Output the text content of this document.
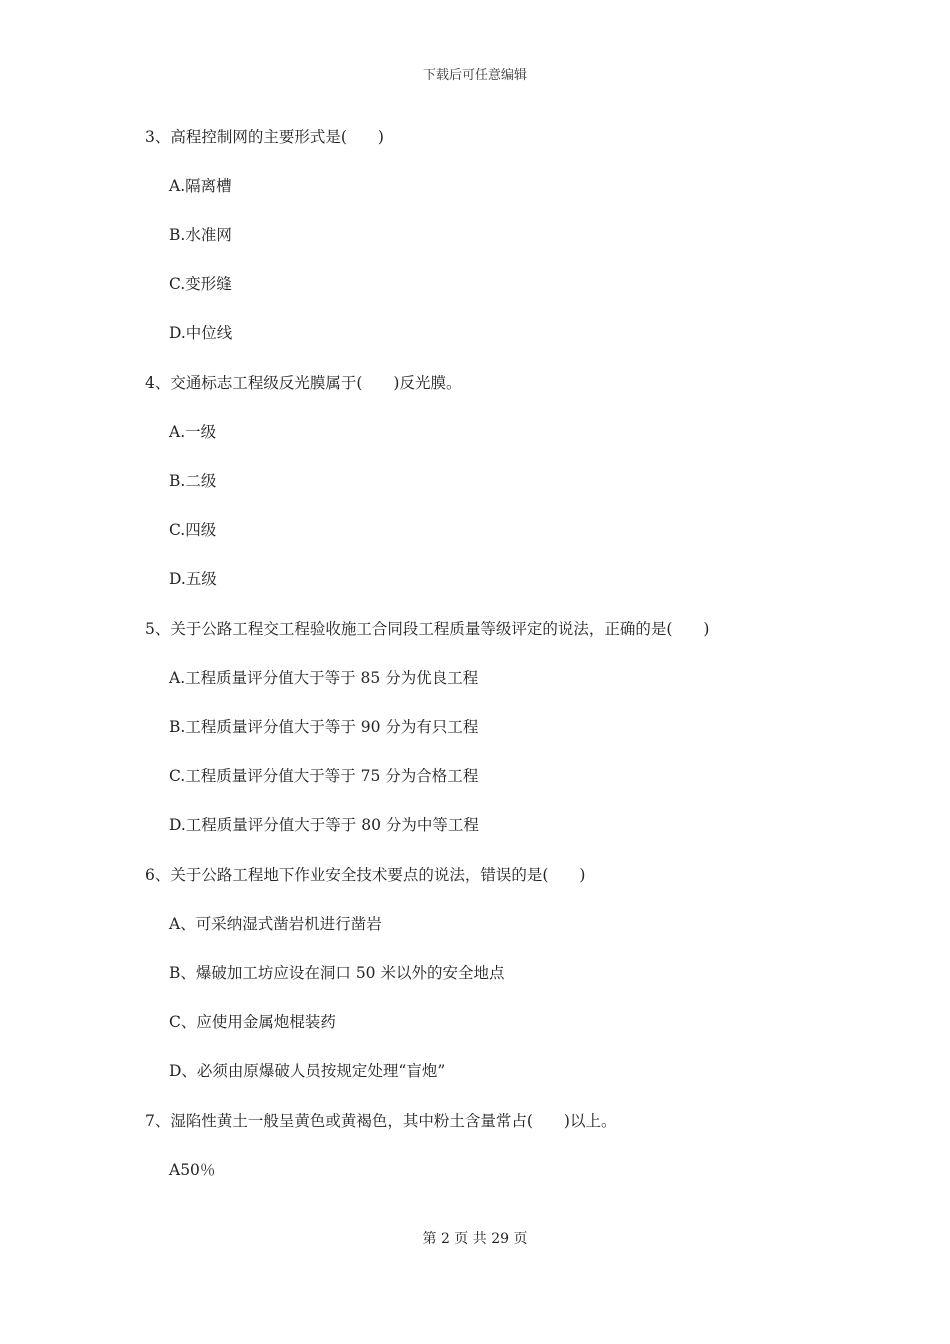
下载后可任意编辑
3、高程控制网的主要形式是(　　)
A.隔离槽
B.水准网
C.变形缝
D.中位线
4、交通标志工程级反光膜属于(　　)反光膜。
A.一级
B.二级
C.四级
D.五级
5、关于公路工程交工程验收施工合同段工程质量等级评定的说法，正确的是(　　)
A.工程质量评分值大于等于 85 分为优良工程
B.工程质量评分值大于等于 90 分为有只工程
C.工程质量评分值大于等于 75 分为合格工程
D.工程质量评分值大于等于 80 分为中等工程
6、关于公路工程地下作业安全技术要点的说法，错误的是(　　)
A、可采纳湿式凿岩机进行凿岩
B、爆破加工坊应设在洞口 50 米以外的安全地点
C、应使用金属炮棍装药
D、必须由原爆破人员按规定处理“盲炮”
7、湿陷性黄土一般呈黄色或黄褐色，其中粉土含量常占(　　)以上。
A50％
第 2 页 共 29 页
